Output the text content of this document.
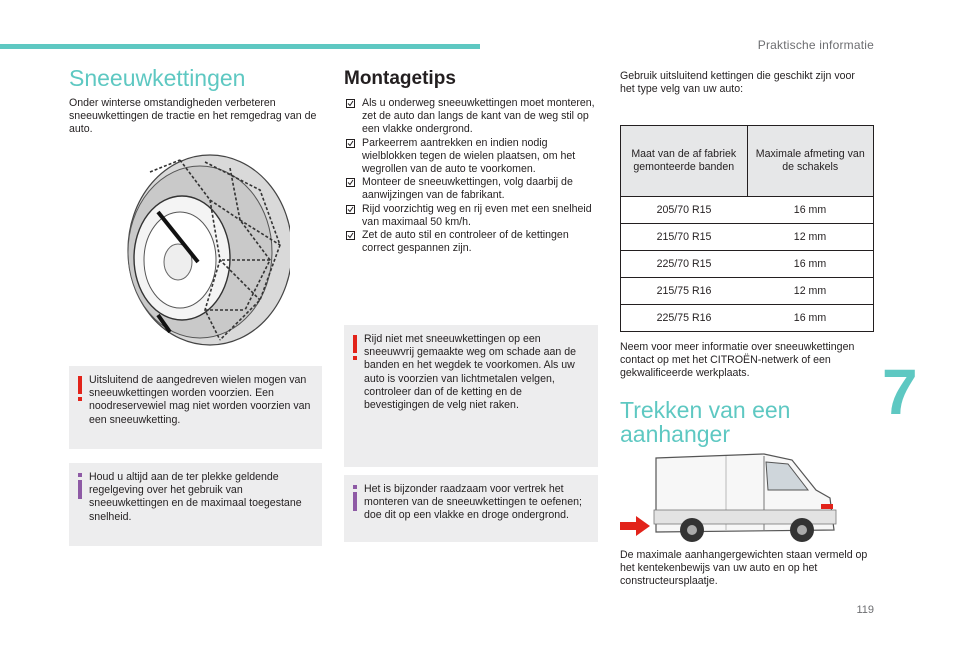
Praktische informatie
Sneeuwkettingen

Onder winterse omstandigheden verbeteren sneeuwkettingen de tractie en het remgedrag van de auto.

Uitsluitend de aangedreven wielen mogen van sneeuwkettingen worden voorzien. Een noodreservewiel mag niet worden voorzien van een sneeuwketting.
Houd u altijd aan de ter plekke geldende regelgeving over het gebruik van sneeuwkettingen en de maximaal toegestane snelheid.
Montagetips
Als u onderweg sneeuwkettingen moet monteren, zet de auto dan langs de kant van de weg stil op een vlakke ondergrond.
Parkeerrem aantrekken en indien nodig wielblokken tegen de wielen plaatsen, om het wegrollen van de auto te voorkomen.
Monteer de sneeuwkettingen, volg daarbij de aanwijzingen van de fabrikant.
Rijd voorzichtig weg en rij even met een snelheid van maximaal 50 km/h.
Zet de auto stil en controleer of de kettingen correct gespannen zijn.
Rijd niet met sneeuwkettingen op een sneeuwvrij gemaakte weg om schade aan de banden en het wegdek te voorkomen. Als uw auto is voorzien van lichtmetalen velgen, controleer dan of de ketting en de bevestigingen de velg niet raken.
Het is bijzonder raadzaam voor vertrek het monteren van de sneeuwkettingen te oefenen; doe dit op een vlakke en droge ondergrond.

Gebruik uitsluitend kettingen die geschikt zijn voor het type velg van uw auto:

Maat van de af fabriek gemonteerde banden	Maximale afmeting van de schakels
205/70 R15	16 mm
215/70 R15	12 mm
225/70 R15	16 mm
215/75 R16	12 mm
225/75 R16	16 mm

Neem voor meer informatie over sneeuwkettingen contact op met het CITROËN-netwerk of een gekwalificeerde werkplaats.

Trekken van een
aanhanger

De maximale aanhangergewichten staan vermeld op het kentekenbewijs van uw auto en op het constructeursplaatje.

7
119
